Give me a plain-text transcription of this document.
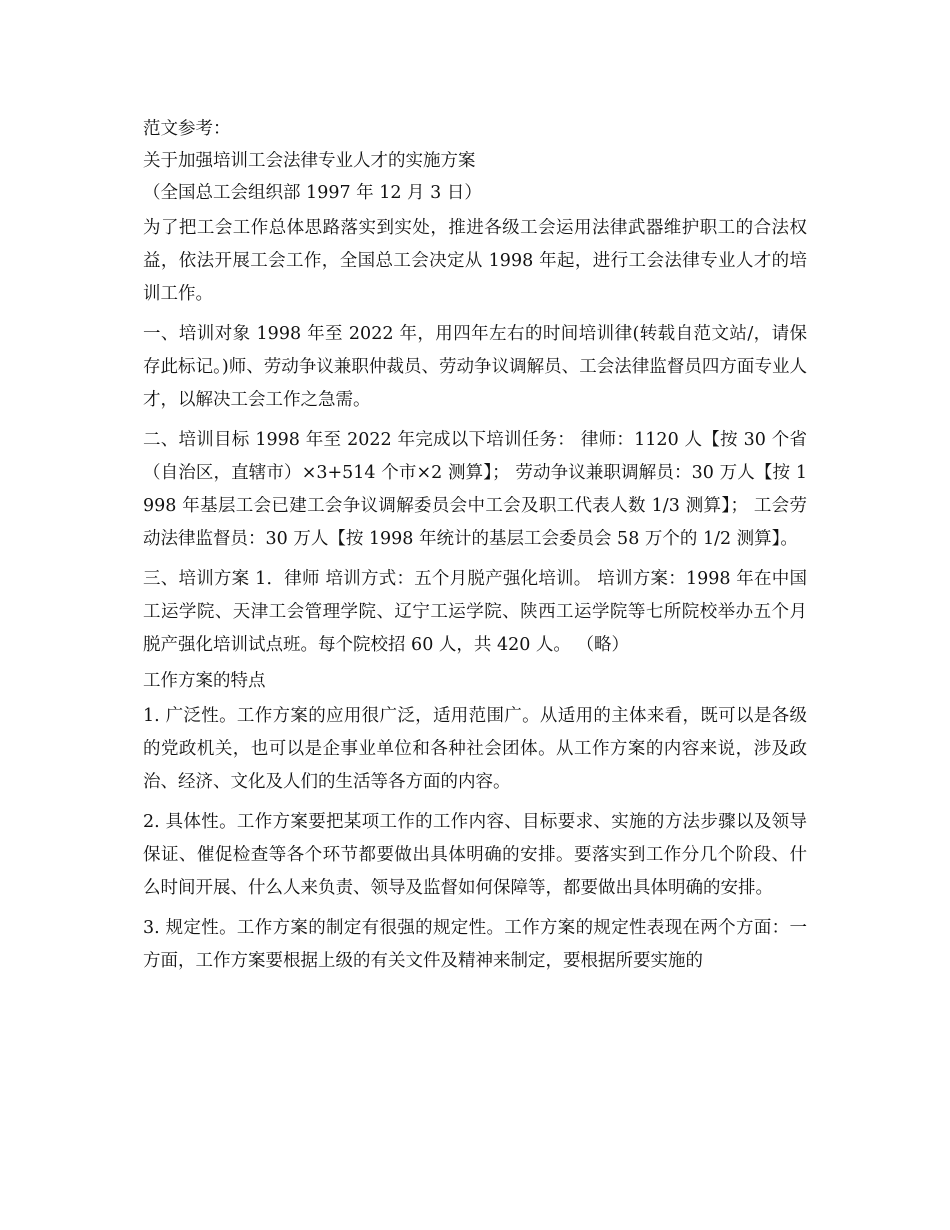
范文参考：

关于加强培训工会法律专业人才的实施方案

（全国总工会组织部 1997 年 12 月 3 日）

为了把工会工作总体思路落实到实处，推进各级工会运用法律武器维护职工的合法权益，依法开展工会工作，全国总工会决定从 1998 年起，进行工会法律专业人才的培训工作。

一、培训对象 1998 年至 2022 年，用四年左右的时间培训律(转载自范文站/，请保存此标记。)师、劳动争议兼职仲裁员、劳动争议调解员、工会法律监督员四方面专业人才，以解决工会工作之急需。

二、培训目标 1998 年至 2022 年完成以下培训任务： 律师：1120 人【按 30 个省（自治区，直辖市）×3+514 个市×2 测算】； 劳动争议兼职调解员：30 万人【按 1998 年基层工会已建工会争议调解委员会中工会及职工代表人数 1/3 测算】； 工会劳动法律监督员：30 万人【按 1998 年统计的基层工会委员会 58 万个的 1/2 测算】。

三、培训方案 1．律师 培训方式：五个月脱产强化培训。 培训方案：1998 年在中国工运学院、天津工会管理学院、辽宁工运学院、陕西工运学院等七所院校举办五个月脱产强化培训试点班。每个院校招 60 人，共 420 人。 （略）

工作方案的特点

1. 广泛性。工作方案的应用很广泛，适用范围广。从适用的主体来看，既可以是各级的党政机关，也可以是企事业单位和各种社会团体。从工作方案的内容来说，涉及政治、经济、文化及人们的生活等各方面的内容。

2. 具体性。工作方案要把某项工作的工作内容、目标要求、实施的方法步骤以及领导保证、催促检查等各个环节都要做出具体明确的安排。要落实到工作分几个阶段、什么时间开展、什么人来负责、领导及监督如何保障等，都要做出具体明确的安排。

3. 规定性。工作方案的制定有很强的规定性。工作方案的规定性表现在两个方面：一方面，工作方案要根据上级的有关文件及精神来制定，要根据所要实施的
